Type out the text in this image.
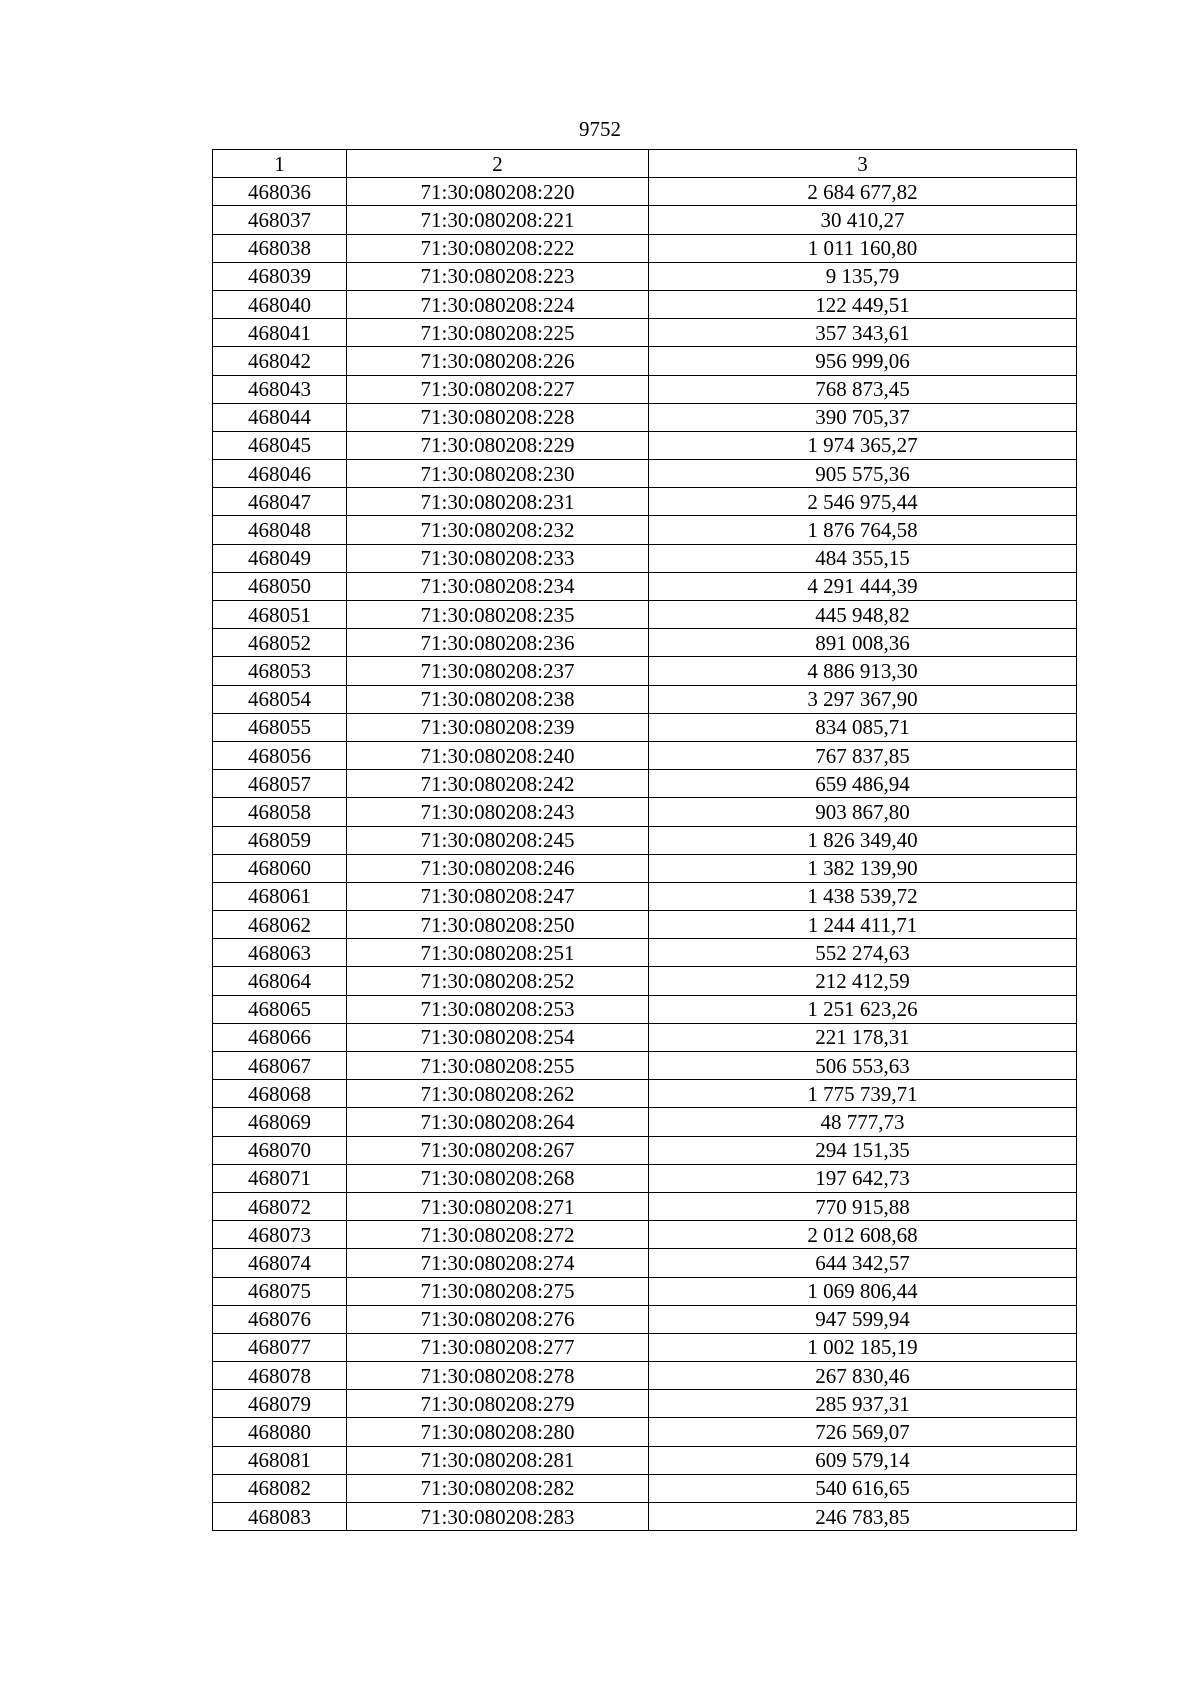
9752
1	2	3
468036	71:30:080208:220	2 684 677,82
468037	71:30:080208:221	30 410,27
468038	71:30:080208:222	1 011 160,80
468039	71:30:080208:223	9 135,79
468040	71:30:080208:224	122 449,51
468041	71:30:080208:225	357 343,61
468042	71:30:080208:226	956 999,06
468043	71:30:080208:227	768 873,45
468044	71:30:080208:228	390 705,37
468045	71:30:080208:229	1 974 365,27
468046	71:30:080208:230	905 575,36
468047	71:30:080208:231	2 546 975,44
468048	71:30:080208:232	1 876 764,58
468049	71:30:080208:233	484 355,15
468050	71:30:080208:234	4 291 444,39
468051	71:30:080208:235	445 948,82
468052	71:30:080208:236	891 008,36
468053	71:30:080208:237	4 886 913,30
468054	71:30:080208:238	3 297 367,90
468055	71:30:080208:239	834 085,71
468056	71:30:080208:240	767 837,85
468057	71:30:080208:242	659 486,94
468058	71:30:080208:243	903 867,80
468059	71:30:080208:245	1 826 349,40
468060	71:30:080208:246	1 382 139,90
468061	71:30:080208:247	1 438 539,72
468062	71:30:080208:250	1 244 411,71
468063	71:30:080208:251	552 274,63
468064	71:30:080208:252	212 412,59
468065	71:30:080208:253	1 251 623,26
468066	71:30:080208:254	221 178,31
468067	71:30:080208:255	506 553,63
468068	71:30:080208:262	1 775 739,71
468069	71:30:080208:264	48 777,73
468070	71:30:080208:267	294 151,35
468071	71:30:080208:268	197 642,73
468072	71:30:080208:271	770 915,88
468073	71:30:080208:272	2 012 608,68
468074	71:30:080208:274	644 342,57
468075	71:30:080208:275	1 069 806,44
468076	71:30:080208:276	947 599,94
468077	71:30:080208:277	1 002 185,19
468078	71:30:080208:278	267 830,46
468079	71:30:080208:279	285 937,31
468080	71:30:080208:280	726 569,07
468081	71:30:080208:281	609 579,14
468082	71:30:080208:282	540 616,65
468083	71:30:080208:283	246 783,85
